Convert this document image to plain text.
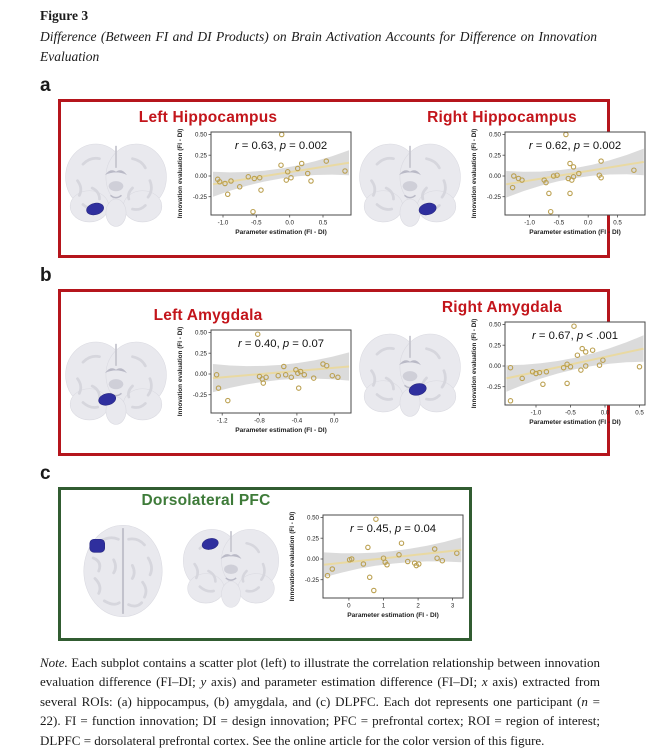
Figure 3

Difference (Between FI and DI Products) on Brain Activation Accounts for Difference on Innovation Evaluation

a
Left Hippocampus
0.50
0.25
0.00
-0.25
-1.0	-0.5	0.0	0.5
Parameter estimation (FI - DI)
Innovation evaluation (FI - DI)	r = 0.63, p = 0.002
Right Hippocampus
0.50
0.25
0.00
-0.25
-1.0	-0.5	0.0	0.5
Parameter estimation (FI - DI)
Innovation evaluation (FI - DI)	r = 0.62, p = 0.002
b
Left Amygdala
0.50
0.25
0.00
-0.25
-1.2	-0.8	-0.4	0.0
Parameter estimation (FI - DI)
Innovation evaluation (FI - DI)	r = 0.40, p = 0.07
Right Amygdala
0.50
0.25
0.00
-0.25
-1.0	-0.5	0.0	0.5
Parameter estimation (FI - DI)
Innovation evaluation (FI - DI)	r = 0.67, p < .001
c
Dorsolateral PFC
0.50
0.25
0.00
-0.25
0	1	2	3
Parameter estimation (FI - DI)
Innovation evaluation (FI - DI)	r = 0.45, p = 0.04

Note. Each subplot contains a scatter plot (left) to illustrate the correlation relationship between innovation evaluation difference (FI–DI; y axis) and parameter estimation difference (FI–DI; x axis) extracted from several ROIs: (a) hippocampus, (b) amygdala, and (c) DLPFC. Each dot represents one participant (n = 22). FI = function innovation; DI = design innovation; PFC = prefrontal cortex; ROI = region of interest; DLPFC = dorsolateral prefrontal cortex. See the online article for the color version of this figure.
